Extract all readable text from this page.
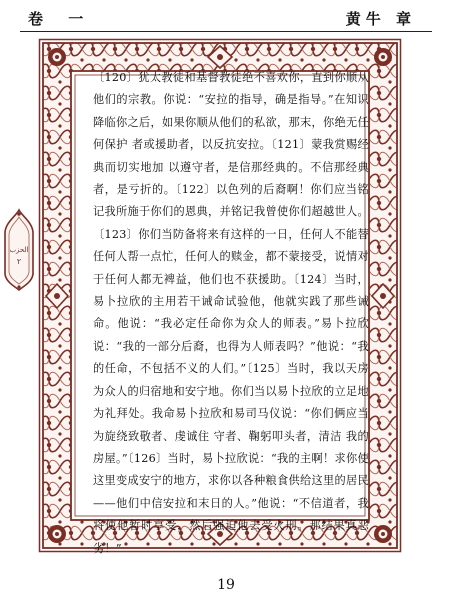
卷 一	黄牛 章
الحزب
٢

〔120〕犹太教徒和基督教徒绝不喜欢你，直到你顺从他们的宗教。你说：“安拉的指导，确是指导。”在知识降临你之后，如果你顺从他们的私欲，那末，你绝无任何保护 者或援助者，以反抗安拉。〔121〕蒙我赏赐经 典而切实地加 以遵守者，是信那经典的。不信那经典者，是亏折的。〔122〕以色列的后裔啊！你们应当铭记我所施于你们的恩典，并铭记我曾使你们超越世人。〔123〕你们当防备将来有这样的一日，任何人不能替任何人帮一点忙，任何人的赎金，都不蒙接受，说情对于任何人都无裨益，他们也不获援助。〔124〕当时，易卜拉欣的主用若干诫命试验他，他就实践了那些诫命。他说：“我必定任命你为众人的师表。”易卜拉欣说：“我的一部分后裔，也得为人师表吗？”他说：“我的任命，不包括不义的人们。”〔125〕当时，我以天房为众人的归宿地和安宁地。你们当以易卜拉欣的立足地为礼拜处。我命易卜拉欣和易司马仪说：“你们俩应当为旋绕致敬者、虔诚住 守者、鞠躬叩头者，清洁 我的房屋。”〔126〕当时，易卜拉欣说：“我的主啊！求你使这里变成安宁的地方，求你以各种粮食供给这里的居民——他们中信安拉和末日的人。”他说：“不信道者，我将使他暂时享受，然后强迫他去受火刑。那结果真恶劣！”

19
